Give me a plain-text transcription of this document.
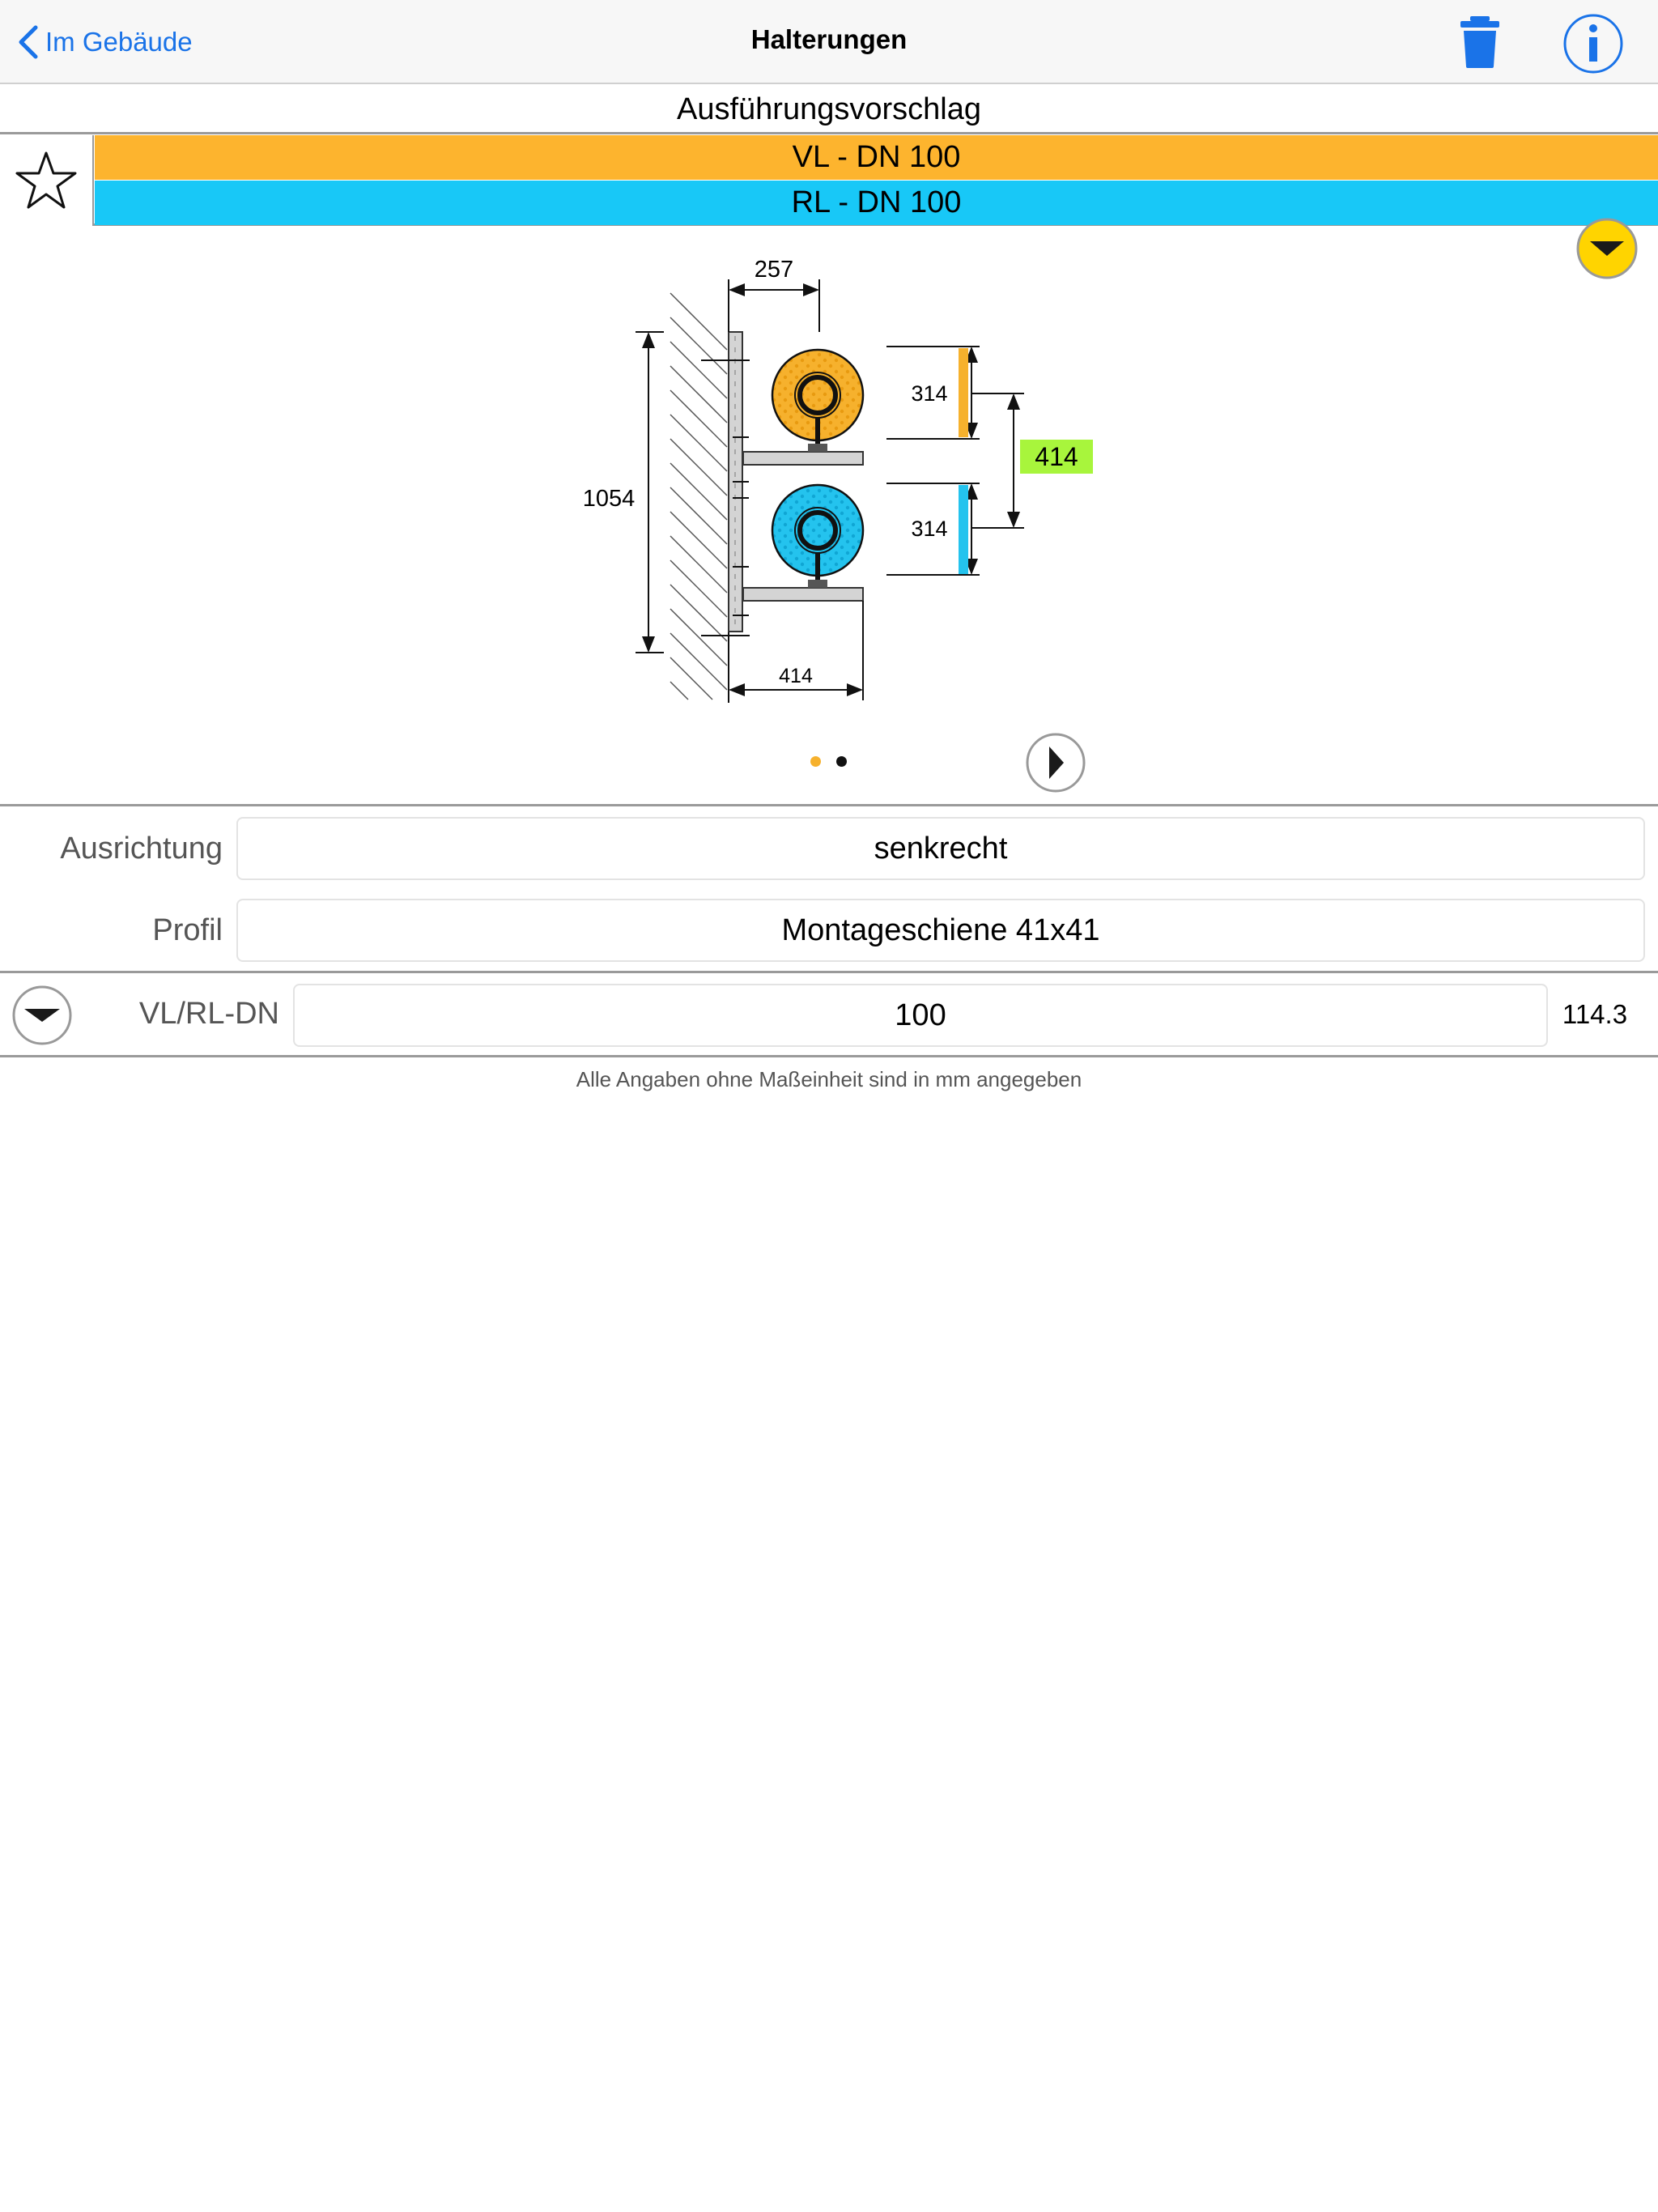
Im Gebäude	Halterungen
Ausführungsvorschlag
VL - DN 100
RL - DN 100
257
1054
314
314
414
414
Ausrichtung	senkrecht
Profil	Montageschiene 41x41
VL/RL-DN	100	114.3
Alle Angaben ohne Maßeinheit sind in mm angegeben
